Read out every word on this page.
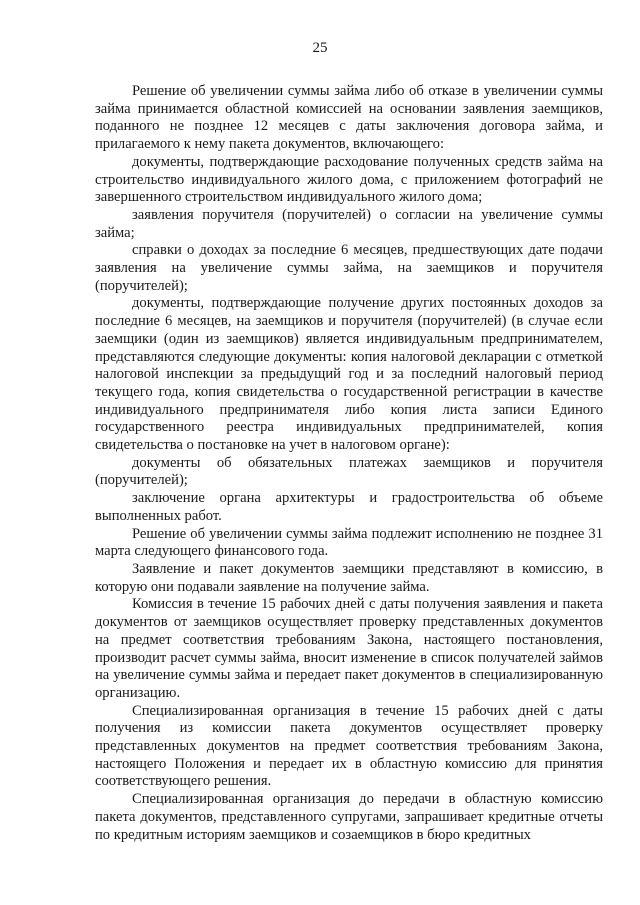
25

Решение об увеличении суммы займа либо об отказе в увеличении суммы займа принимается областной комиссией на основании заявления заемщиков, поданного не позднее 12 месяцев с даты заключения договора займа, и прилагаемого к нему пакета документов, включающего:

документы, подтверждающие расходование полученных средств займа на строительство индивидуального жилого дома, с приложением фотографий не завершенного строительством индивидуального жилого дома;

заявления поручителя (поручителей) о согласии на увеличение суммы займа;

справки о доходах за последние 6 месяцев, предшествующих дате подачи заявления на увеличение суммы займа, на заемщиков и поручителя (поручителей);

документы, подтверждающие получение других постоянных доходов за последние 6 месяцев, на заемщиков и поручителя (поручителей) (в случае если заемщики (один из заемщиков) является индивидуальным предпринимателем, представляются следующие документы: копия налоговой декларации с отметкой налоговой инспекции за предыдущий год и за последний налоговый период текущего года, копия свидетельства о государственной регистрации в качестве индивидуального предпринимателя либо копия листа записи Единого государственного реестра индивидуальных предпринимателей, копия свидетельства о постановке на учет в налоговом органе):

документы об обязательных платежах заемщиков и поручителя (поручителей);

заключение органа архитектуры и градостроительства об объеме выполненных работ.

Решение об увеличении суммы займа подлежит исполнению не позднее 31 марта следующего финансового года.

Заявление и пакет документов заемщики представляют в комиссию, в которую они подавали заявление на получение займа.

Комиссия в течение 15 рабочих дней с даты получения заявления и пакета документов от заемщиков осуществляет проверку представленных документов на предмет соответствия требованиям Закона, настоящего постановления, производит расчет суммы займа, вносит изменение в список получателей займов на увеличение суммы займа и передает пакет документов в специализированную организацию.

Специализированная организация в течение 15 рабочих дней с даты получения из комиссии пакета документов осуществляет проверку представленных документов на предмет соответствия требованиям Закона, настоящего Положения и передает их в областную комиссию для принятия соответствующего решения.

Специализированная организация до передачи в областную комиссию пакета документов, представленного супругами, запрашивает кредитные отчеты по кредитным историям заемщиков и созаемщиков в бюро кредитных
